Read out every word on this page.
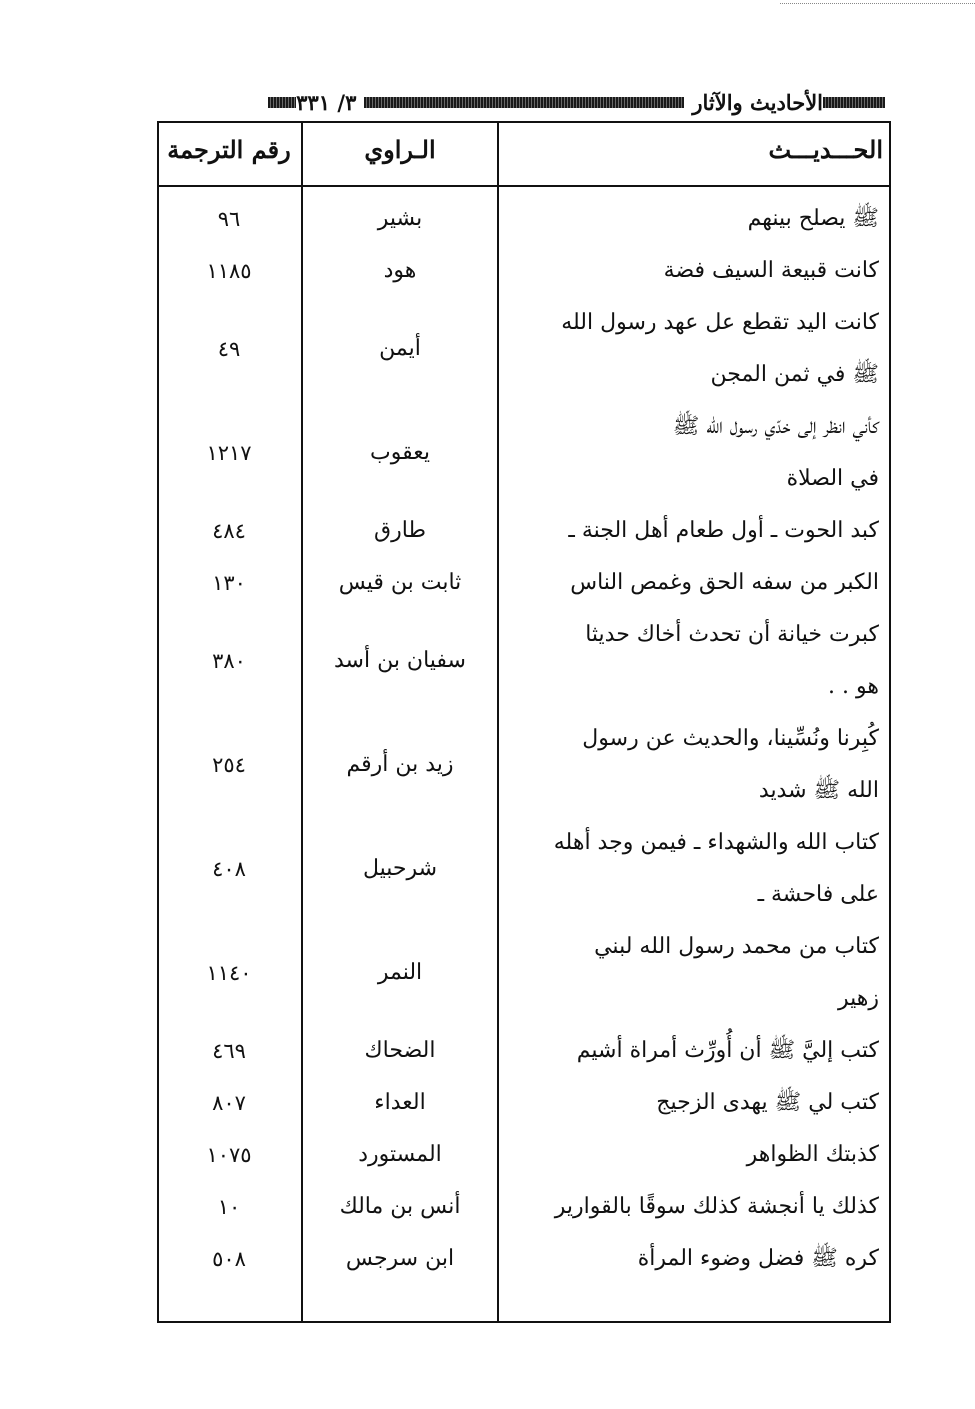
الأحاديث والآثار
٣/ ٣٣١
الحـــديـــث
الـراوي
رقم الترجمة
ﷺ يصلح بينهم
بشير
٩٦
كانت قبيعة السيف فضة
هود
١١٨٥
كانت اليد تقطع عل عهد رسول الله
ﷺ في ثمن المجن
أيمن
٤٩
كأني انظر إلى خدّي رسول الله ﷺ
في الصلاة
يعقوب
١٢١٧
كبد الحوت ـ أول طعام أهل الجنة ـ
طارق
٤٨٤
الكبر من سفه الحق وغمص الناس
ثابت بن قيس
١٣٠
كبرت خيانة أن تحدث أخاك حديثا
هو . .
سفيان بن أسد
٣٨٠
كُبِرنا ونُسِّينا، والحديث عن رسول
الله ﷺ شديد
زيد بن أرقم
٢٥٤
كتاب الله والشهداء ـ فيمن وجد أهله
على فاحشة ـ
شرحبيل
٤٠٨
كتاب من محمد رسول الله لبني
زهير
النمر
١١٤٠
كتب إليَّ ﷺ أن أُورِّث أمراة أشيم
الضحاك
٤٦٩
كتب لي ﷺ يهدى الزجيج
العداء
٨٠٧
كذبتك الظواهر
المستورد
١٠٧٥
كذلك يا أنجشة كذلك سوقًا بالقوارير
أنس بن مالك
١٠
كره ﷺ فضل وضوء المرأة
ابن سرجس
٥٠٨
